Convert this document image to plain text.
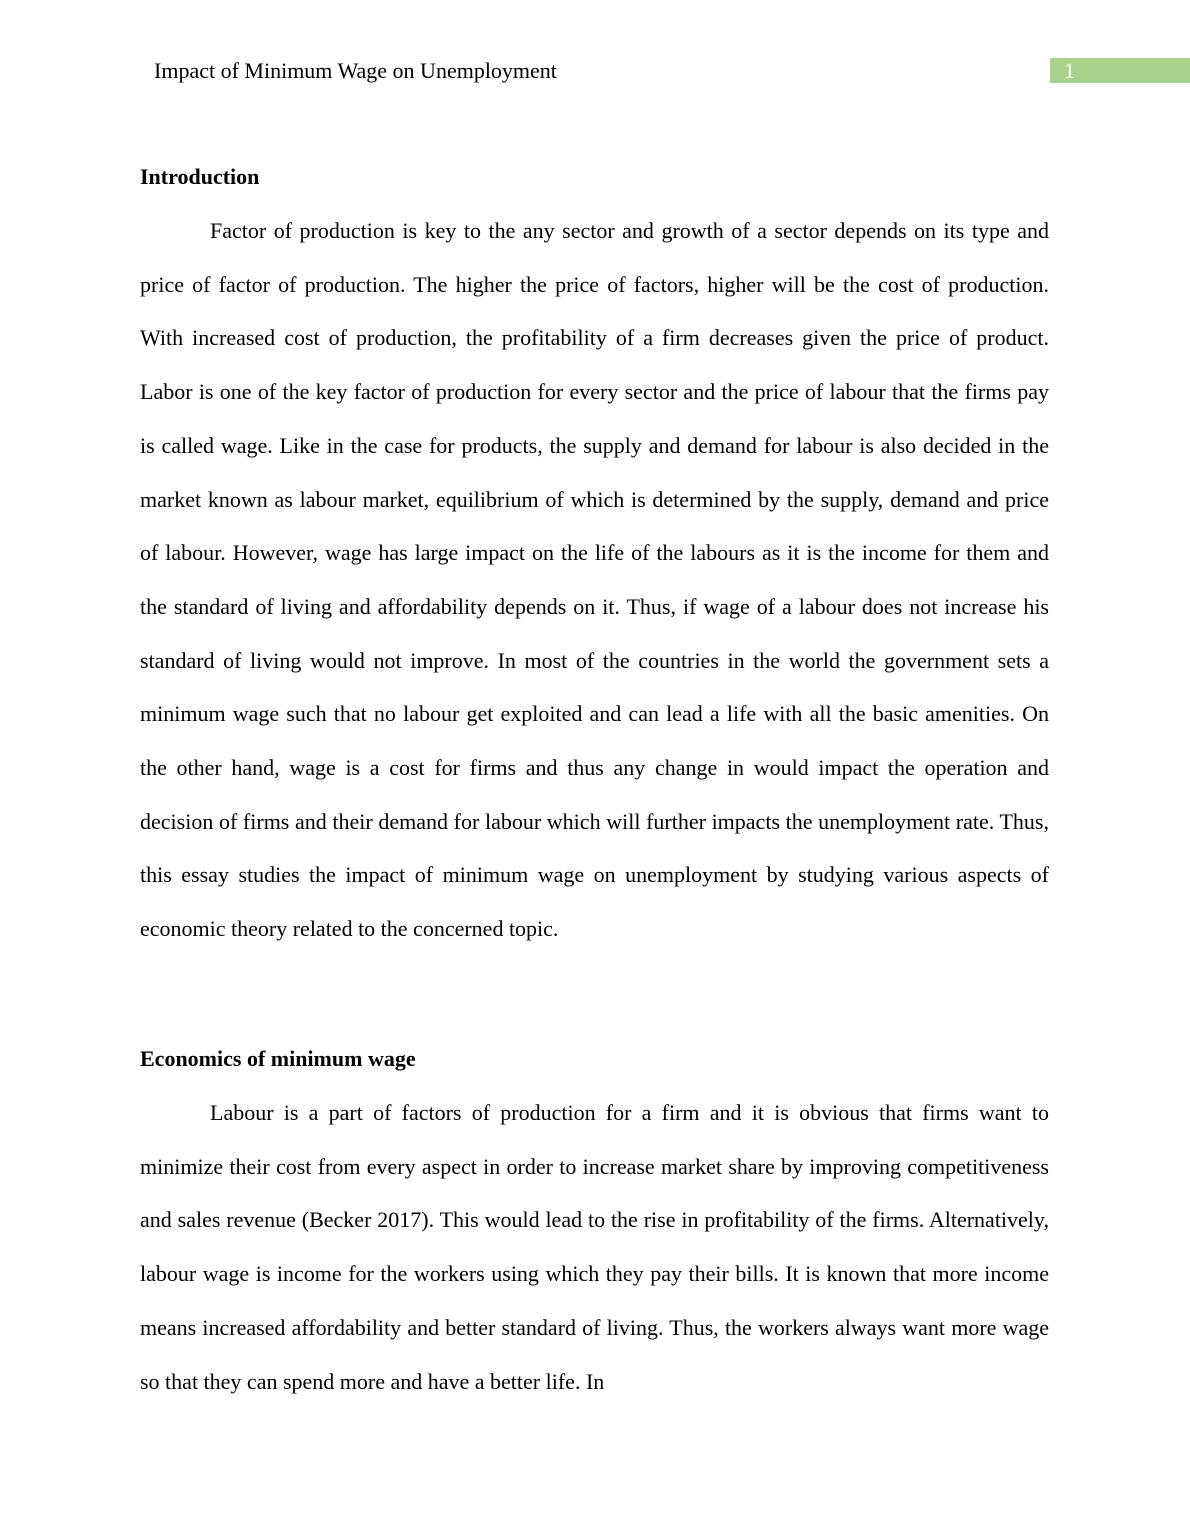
Impact of Minimum Wage on Unemployment	1
Introduction

Factor of production is key to the any sector and growth of a sector depends on its type and price of factor of production. The higher the price of factors, higher will be the cost of production. With increased cost of production, the profitability of a firm decreases given the price of product. Labor is one of the key factor of production for every sector and the price of labour that the firms pay is called wage. Like in the case for products, the supply and demand for labour is also decided in the market known as labour market, equilibrium of which is determined by the supply, demand and price of labour. However, wage has large impact on the life of the labours as it is the income for them and the standard of living and affordability depends on it. Thus, if wage of a labour does not increase his standard of living would not improve. In most of the countries in the world the government sets a minimum wage such that no labour get exploited and can lead a life with all the basic amenities. On the other hand, wage is a cost for firms and thus any change in would impact the operation and decision of firms and their demand for labour which will further impacts the unemployment rate. Thus, this essay studies the impact of minimum wage on unemployment by studying various aspects of economic theory related to the concerned topic.

Economics of minimum wage

Labour is a part of factors of production for a firm and it is obvious that firms want to minimize their cost from every aspect in order to increase market share by improving competitiveness and sales revenue (Becker 2017). This would lead to the rise in profitability of the firms. Alternatively, labour wage is income for the workers using which they pay their bills. It is known that more income means increased affordability and better standard of living. Thus, the workers always want more wage so that they can spend more and have a better life. In
